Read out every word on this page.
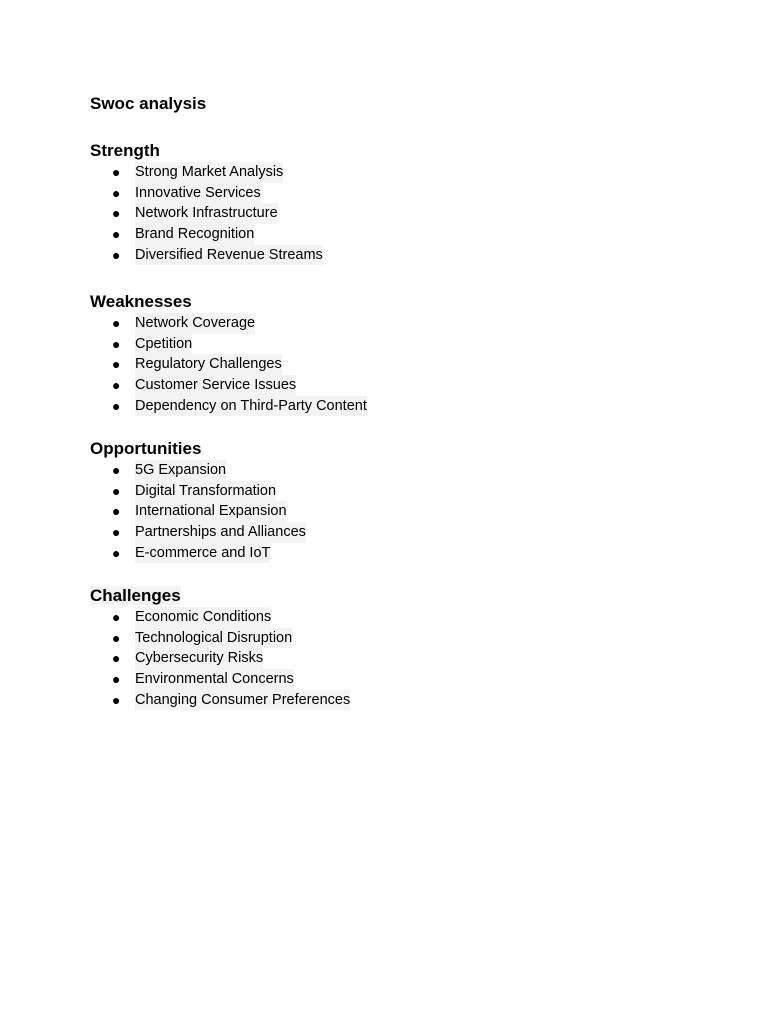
Swoc analysis
Strength
● Strong Market Analysis
● Innovative Services
● Network Infrastructure
● Brand Recognition
● Diversified Revenue Streams
Weaknesses
● Network Coverage
● Cpetition
● Regulatory Challenges
● Customer Service Issues
● Dependency on Third-Party Content
Opportunities
● 5G Expansion
● Digital Transformation
● International Expansion
● Partnerships and Alliances
● E-commerce and IoT
Challenges
● Economic Conditions
● Technological Disruption
● Cybersecurity Risks
● Environmental Concerns
● Changing Consumer Preferences
